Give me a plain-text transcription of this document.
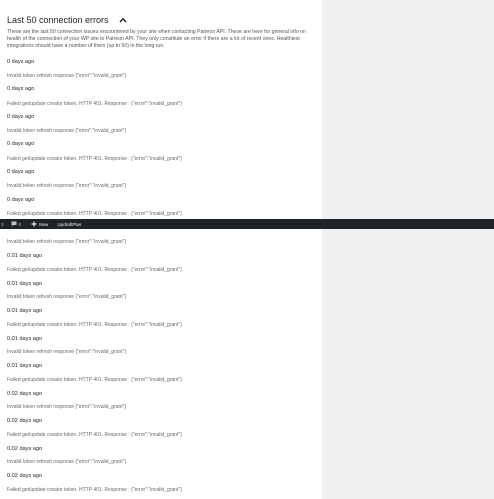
Last 50 connection errors
These are the last 50 connection issues encountered by your site when contacting Patreon API. These are here for general info on health of the connection of your WP site to Patreon API. They only constitute an error if there are a lot of recent ones. Healthiest integrations should have a number of them (up to 50) in the long run.
0 days ago
Invalid token refresh response {"error":"invalid_grant"}
0 days ago
Failed get/update creator token. HTTP 401. Response : {"error":"invalid_grant"}
0 days ago
Invalid token refresh response {"error":"invalid_grant"}
0 days ago
Failed get/update creator token. HTTP 401. Response : {"error":"invalid_grant"}
0 days ago
Invalid token refresh response {"error":"invalid_grant"}
0 days ago
Failed get/update creator token. HTTP 401. Response : {"error":"invalid_grant"}
Invalid token refresh response {"error":"invalid_grant"}
0.01 days ago
Failed get/update creator token. HTTP 401. Response : {"error":"invalid_grant"}
0.01 days ago
Invalid token refresh response {"error":"invalid_grant"}
0.01 days ago
Failed get/update creator token. HTTP 401. Response : {"error":"invalid_grant"}
0.01 days ago
Invalid token refresh response {"error":"invalid_grant"}
0.01 days ago
Failed get/update creator token. HTTP 401. Response : {"error":"invalid_grant"}
0.02 days ago
Invalid token refresh response {"error":"invalid_grant"}
0.02 days ago
Failed get/update creator token. HTTP 401. Response : {"error":"invalid_grant"}
0.02 days ago
Invalid token refresh response {"error":"invalid_grant"}
0.02 days ago
Failed get/update creator token. HTTP 401. Response : {"error":"invalid_grant"}
3	0	New UpdraftPlus
